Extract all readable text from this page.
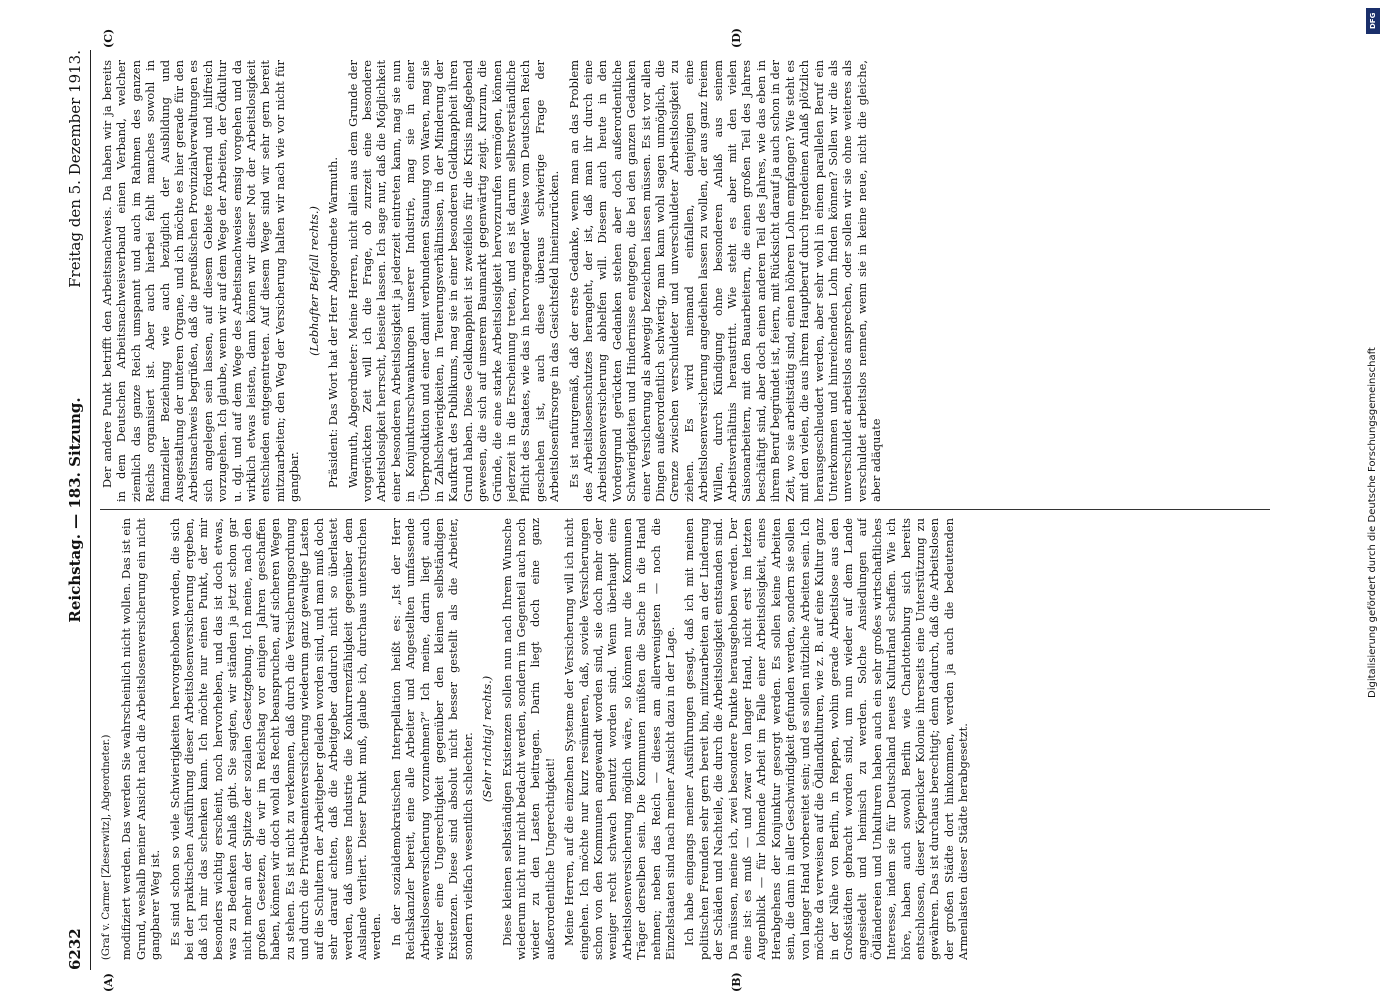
6232
Reichstag. — 183. Sitzung.
Freitag den 5. Dezember 1913.
(A)	(B)
(C)	(D)

(Graf v. Carmer [Zieserwitz], Abgeordneter.) modifiziert werden. Das werden Sie wahrscheinlich nicht wollen. Das ist ein Grund, weshalb meiner Ansicht nach die Arbeitslosenversicherung ein nicht gangbarer Weg ist. Es sind schon so viele Schwierigkeiten hervorgehoben worden, die sich bei der praktischen Ausführung dieser Arbeitslosenversicherung ergeben, daß ich mir das schenken kann. Ich möchte nur einen Punkt, der mir besonders wichtig erscheint, noch hervorheben, und das ist doch etwas, was zu Bedenken Anlaß gibt. Sie sagten, wir ständen ja jetzt schon gar nicht mehr an der Spitze der sozialen Gesetzgebung. Ich meine, nach den großen Gesetzen, die wir im Reichstag vor einigen Jahren geschaffen haben, können wir doch wohl das Recht beanspruchen, auf sicheren Wegen zu stehen. Es ist nicht zu verkennen, daß durch die Versicherungsordnung und durch die Privatbeamtenversicherung wiederum ganz gewaltige Lasten auf die Schultern der Arbeitgeber geladen worden sind, und man muß doch sehr darauf achten, daß die Arbeitgeber dadurch nicht so überlastet werden, daß unsere Industrie die Konkurrenzfähigkeit gegenüber dem Auslande verliert. Dieser Punkt muß, glaube ich, durchaus unterstrichen werden. In der sozialdemokratischen Interpellation heißt es: „Ist der Herr Reichskanzler bereit, eine alle Arbeiter und Angestellten umfassende Arbeitslosenversicherung vorzunehmen?“ Ich meine, darin liegt auch wieder eine Ungerechtigkeit gegenüber den kleinen selbständigen Existenzen. Diese sind absolut nicht besser gestellt als die Arbeiter, sondern vielfach wesentlich schlechter. (Sehr richtig! rechts.) Diese kleinen selbständigen Existenzen sollen nun nach Ihrem Wunsche wiederum nicht nur nicht bedacht werden, sondern im Gegenteil auch noch wieder zu den Lasten beitragen. Darin liegt doch eine ganz außerordentliche Ungerechtigkeit! Meine Herren, auf die einzelnen Systeme der Versicherung will ich nicht eingehen. Ich möchte nur kurz resümieren, daß, soviele Versicherungen schon von den Kommunen angewandt worden sind, sie doch mehr oder weniger recht schwach benutzt worden sind. Wenn überhaupt eine Arbeitslosenversicherung möglich wäre, so können nur die Kommunen Träger derselben sein. Die Kommunen müßten die Sache in die Hand nehmen; neben das Reich — dieses am allerwenigsten — noch die Einzelstaaten sind nach meiner Ansicht dazu in der Lage. Ich habe eingangs meiner Ausführungen gesagt, daß ich mit meinen politischen Freunden sehr gern bereit bin, mitzuarbeiten an der Linderung der Schäden und Nachteile, die durch die Arbeitslosigkeit entstanden sind. Da müssen, meine ich, zwei besondere Punkte herausgehoben werden. Der eine ist: es muß — und zwar von langer Hand, nicht erst im letzten Augenblick — für lohnende Arbeit im Falle einer Arbeitslosigkeit, eines Herabgehens der Konjunktur gesorgt werden. Es sollen keine Arbeiten sein, die dann in aller Geschwindigkeit gefunden werden, sondern sie sollen von langer Hand vorbereitet sein; und es sollen nützliche Arbeiten sein. Ich möchte da verweisen auf die Ödlandkulturen, wie z. B. auf eine Kultur ganz in der Nähe von Berlin, in Reppen, wohin gerade Arbeitslose aus den Großstädten gebracht worden sind, um nun wieder auf dem Lande angesiedelt und heimisch zu werden. Solche Ansiedlungen auf Ödländereien und Unkulturen haben auch ein sehr großes wirtschaftliches Interesse, indem sie für Deutschland neues Kulturland schaffen. Wie ich höre, haben auch sowohl Berlin wie Charlottenburg sich bereits entschlossen, dieser Köpenicker Kolonie ihrerseits eine Unterstützung zu gewähren. Das ist durchaus berechtigt; denn dadurch, daß die Arbeitslosen der großen Städte dort hinkommen, werden ja auch die bedeutenden Armenlasten dieser Städte herabgesetzt.

Der andere Punkt betrifft den Arbeitsnachweis. Da haben wir ja bereits in dem Deutschen Arbeitsnachweisverband einen Verband, welcher ziemlich das ganze Reich umspannt und auch im Rahmen des ganzen Reichs organisiert ist. Aber auch hierbei fehlt manches sowohl in finanzieller Beziehung wie auch bezüglich der Ausbildung und Ausgestaltung der unteren Organe, und ich möchte es hier gerade für den Arbeitsnachweis begrüßen, daß die preußischen Provinzialverwaltungen es sich angelegen sein lassen, auf diesem Gebiete fördernd und hilfreich vorzugehen. Ich glaube, wenn wir auf dem Wege der Arbeiten, der Ödkultur u. dgl. und auf dem Wege des Arbeitsnachweises emsig vorgehen und da wirklich etwas leisten, dann können wir dieser Not der Arbeitslosigkeit entschieden entgegentreten. Auf diesem Wege sind wir sehr gern bereit mitzuarbeiten; den Weg der Versicherung halten wir nach wie vor nicht für gangbar.

(Lebhafter Beifall rechts.) Präsident: Das Wort hat der Herr Abgeordnete Warmuth. Warmuth, Abgeordneter: Meine Herren, nicht allein aus dem Grunde der vorgerückten Zeit will ich die Frage, ob zurzeit eine besondere Arbeitslosigkeit herrscht, beiseite lassen. Ich sage nur, daß die Möglichkeit einer besonderen Arbeitslosigkeit ja jederzeit eintreten kann, mag sie nun in Konjunkturschwankungen unserer Industrie, mag sie in einer Überproduktion und einer damit verbundenen Stauung von Waren, mag sie in Zahlschwierigkeiten, in Teuerungsverhältnissen, in der Minderung der Kaufkraft des Publikums, mag sie in einer besonderen Geldknappheit ihren Grund haben. Diese Geldknappheit ist zweifellos für die Krisis maßgebend gewesen, die sich auf unserem Baumarkt gegenwärtig zeigt. Kurzum, die Gründe, die eine starke Arbeitslosigkeit hervorzurufen vermögen, können jederzeit in die Erscheinung treten, und es ist darum selbstverständliche Pflicht des Staates, wie das in hervorragender Weise vom Deutschen Reich geschehen ist, auch diese überaus schwierige Frage der Arbeitslosenfürsorge in das Gesichtsfeld hineinzurücken. Es ist naturgemäß, daß der erste Gedanke, wenn man an das Problem des Arbeitslosenschutzes herangeht, der ist, daß man ihr durch eine Arbeitslosenversicherung abhelfen will. Diesem auch heute in den Vordergrund gerückten Gedanken stehen aber doch außerordentliche Schwierigkeiten und Hindernisse entgegen, die bei den ganzen Gedanken einer Versicherung als abwegig bezeichnen lassen müssen. Es ist vor allen Dingen außerordentlich schwierig, man kann wohl sagen unmöglich, die Grenze zwischen verschuldeter und unverschuldeter Arbeitslosigkeit zu ziehen. Es wird niemand einfallen, denjenigen eine Arbeitslosenversicherung angedeihen lassen zu wollen, der aus ganz freiem Willen, durch Kündigung ohne besonderen Anlaß aus seinem Arbeitsverhältnis heraustritt. Wie steht es aber mit den vielen Saisonarbeitern, mit den Bauarbeitern, die einen großen Teil des Jahres beschäftigt sind, aber doch einen anderen Teil des Jahres, wie das eben in ihrem Beruf begründet ist, feiern, mit Rücksicht darauf ja auch schon in der Zeit, wo sie arbeitstätig sind, einen höheren Lohn empfangen? Wie steht es mit den vielen, die aus ihrem Hauptberuf durch irgendeinen Anlaß plötzlich herausgeschleudert werden, aber sehr wohl in einem parallelen Beruf ein Unterkommen und hinreichenden Lohn finden können? Sollen wir die als unverschuldet arbeitslos ansprechen, oder sollen wir sie ohne weiteres als verschuldet arbeitslos nennen, wenn sie in keine neue, nicht die gleiche, aber adäquate

DFG
Digitalisierung gefördert durch die Deutsche Forschungsgemeinschaft
